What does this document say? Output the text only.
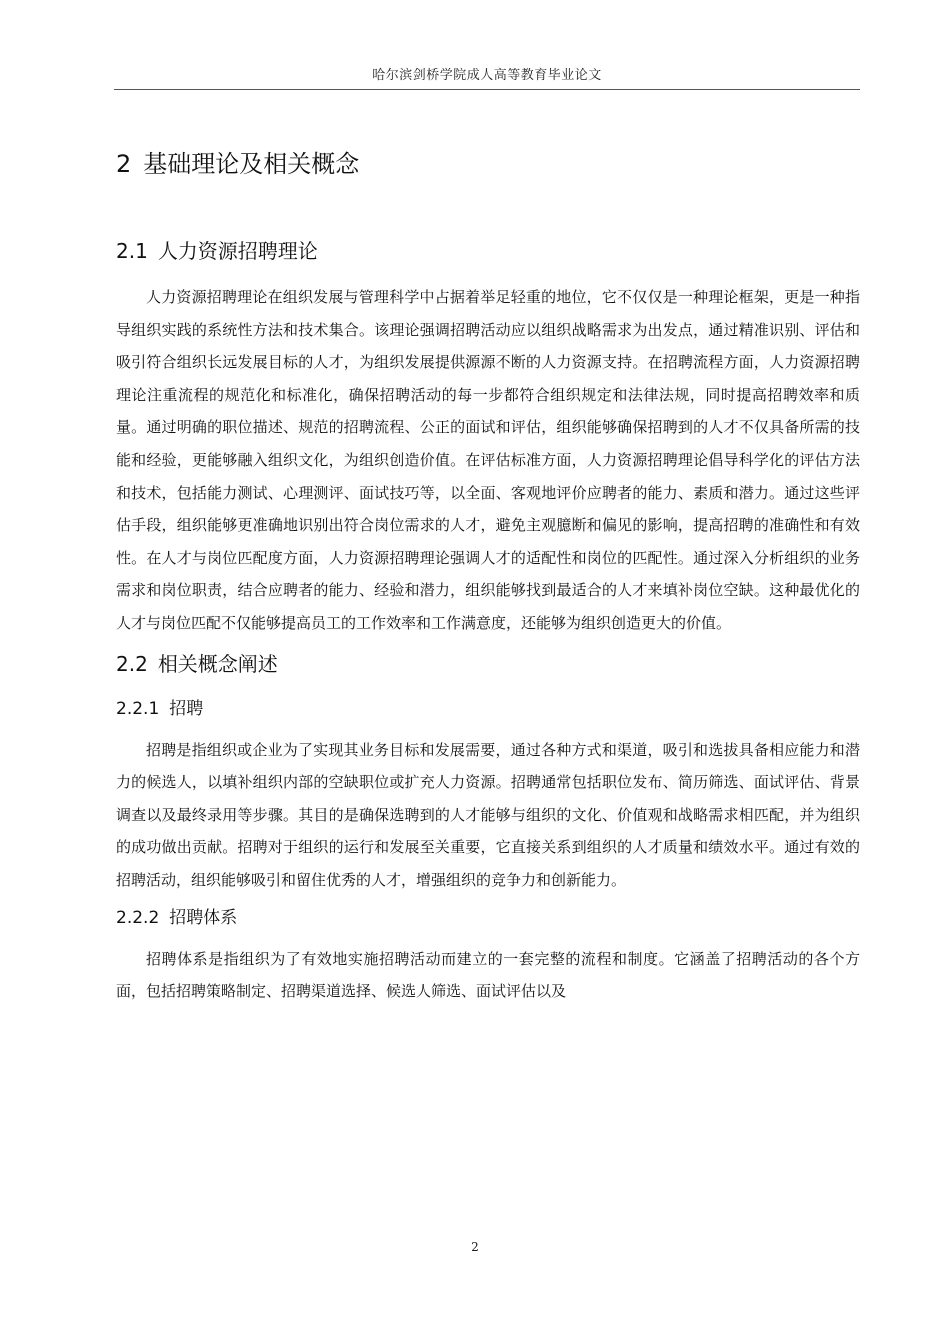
哈尔滨剑桥学院成人高等教育毕业论文
2 基础理论及相关概念
2.1 人力资源招聘理论

人力资源招聘理论在组织发展与管理科学中占据着举足轻重的地位，它不仅仅是一种理论框架，更是一种指导组织实践的系统性方法和技术集合。该理论强调招聘活动应以组织战略需求为出发点，通过精准识别、评估和吸引符合组织长远发展目标的人才，为组织发展提供源源不断的人力资源支持。在招聘流程方面，人力资源招聘理论注重流程的规范化和标准化，确保招聘活动的每一步都符合组织规定和法律法规，同时提高招聘效率和质量。通过明确的职位描述、规范的招聘流程、公正的面试和评估，组织能够确保招聘到的人才不仅具备所需的技能和经验，更能够融入组织文化，为组织创造价值。在评估标准方面，人力资源招聘理论倡导科学化的评估方法和技术，包括能力测试、心理测评、面试技巧等，以全面、客观地评价应聘者的能力、素质和潜力。通过这些评估手段，组织能够更准确地识别出符合岗位需求的人才，避免主观臆断和偏见的影响，提高招聘的准确性和有效性。在人才与岗位匹配度方面，人力资源招聘理论强调人才的适配性和岗位的匹配性。通过深入分析组织的业务需求和岗位职责，结合应聘者的能力、经验和潜力，组织能够找到最适合的人才来填补岗位空缺。这种最优化的人才与岗位匹配不仅能够提高员工的工作效率和工作满意度，还能够为组织创造更大的价值。

2.2 相关概念阐述
2.2.1 招聘

招聘是指组织或企业为了实现其业务目标和发展需要，通过各种方式和渠道，吸引和选拔具备相应能力和潜力的候选人，以填补组织内部的空缺职位或扩充人力资源。招聘通常包括职位发布、简历筛选、面试评估、背景调查以及最终录用等步骤。其目的是确保选聘到的人才能够与组织的文化、价值观和战略需求相匹配，并为组织的成功做出贡献。招聘对于组织的运行和发展至关重要，它直接关系到组织的人才质量和绩效水平。通过有效的招聘活动，组织能够吸引和留住优秀的人才，增强组织的竞争力和创新能力。

2.2.2 招聘体系

招聘体系是指组织为了有效地实施招聘活动而建立的一套完整的流程和制度。它涵盖了招聘活动的各个方面，包括招聘策略制定、招聘渠道选择、候选人筛选、面试评估以及

2
